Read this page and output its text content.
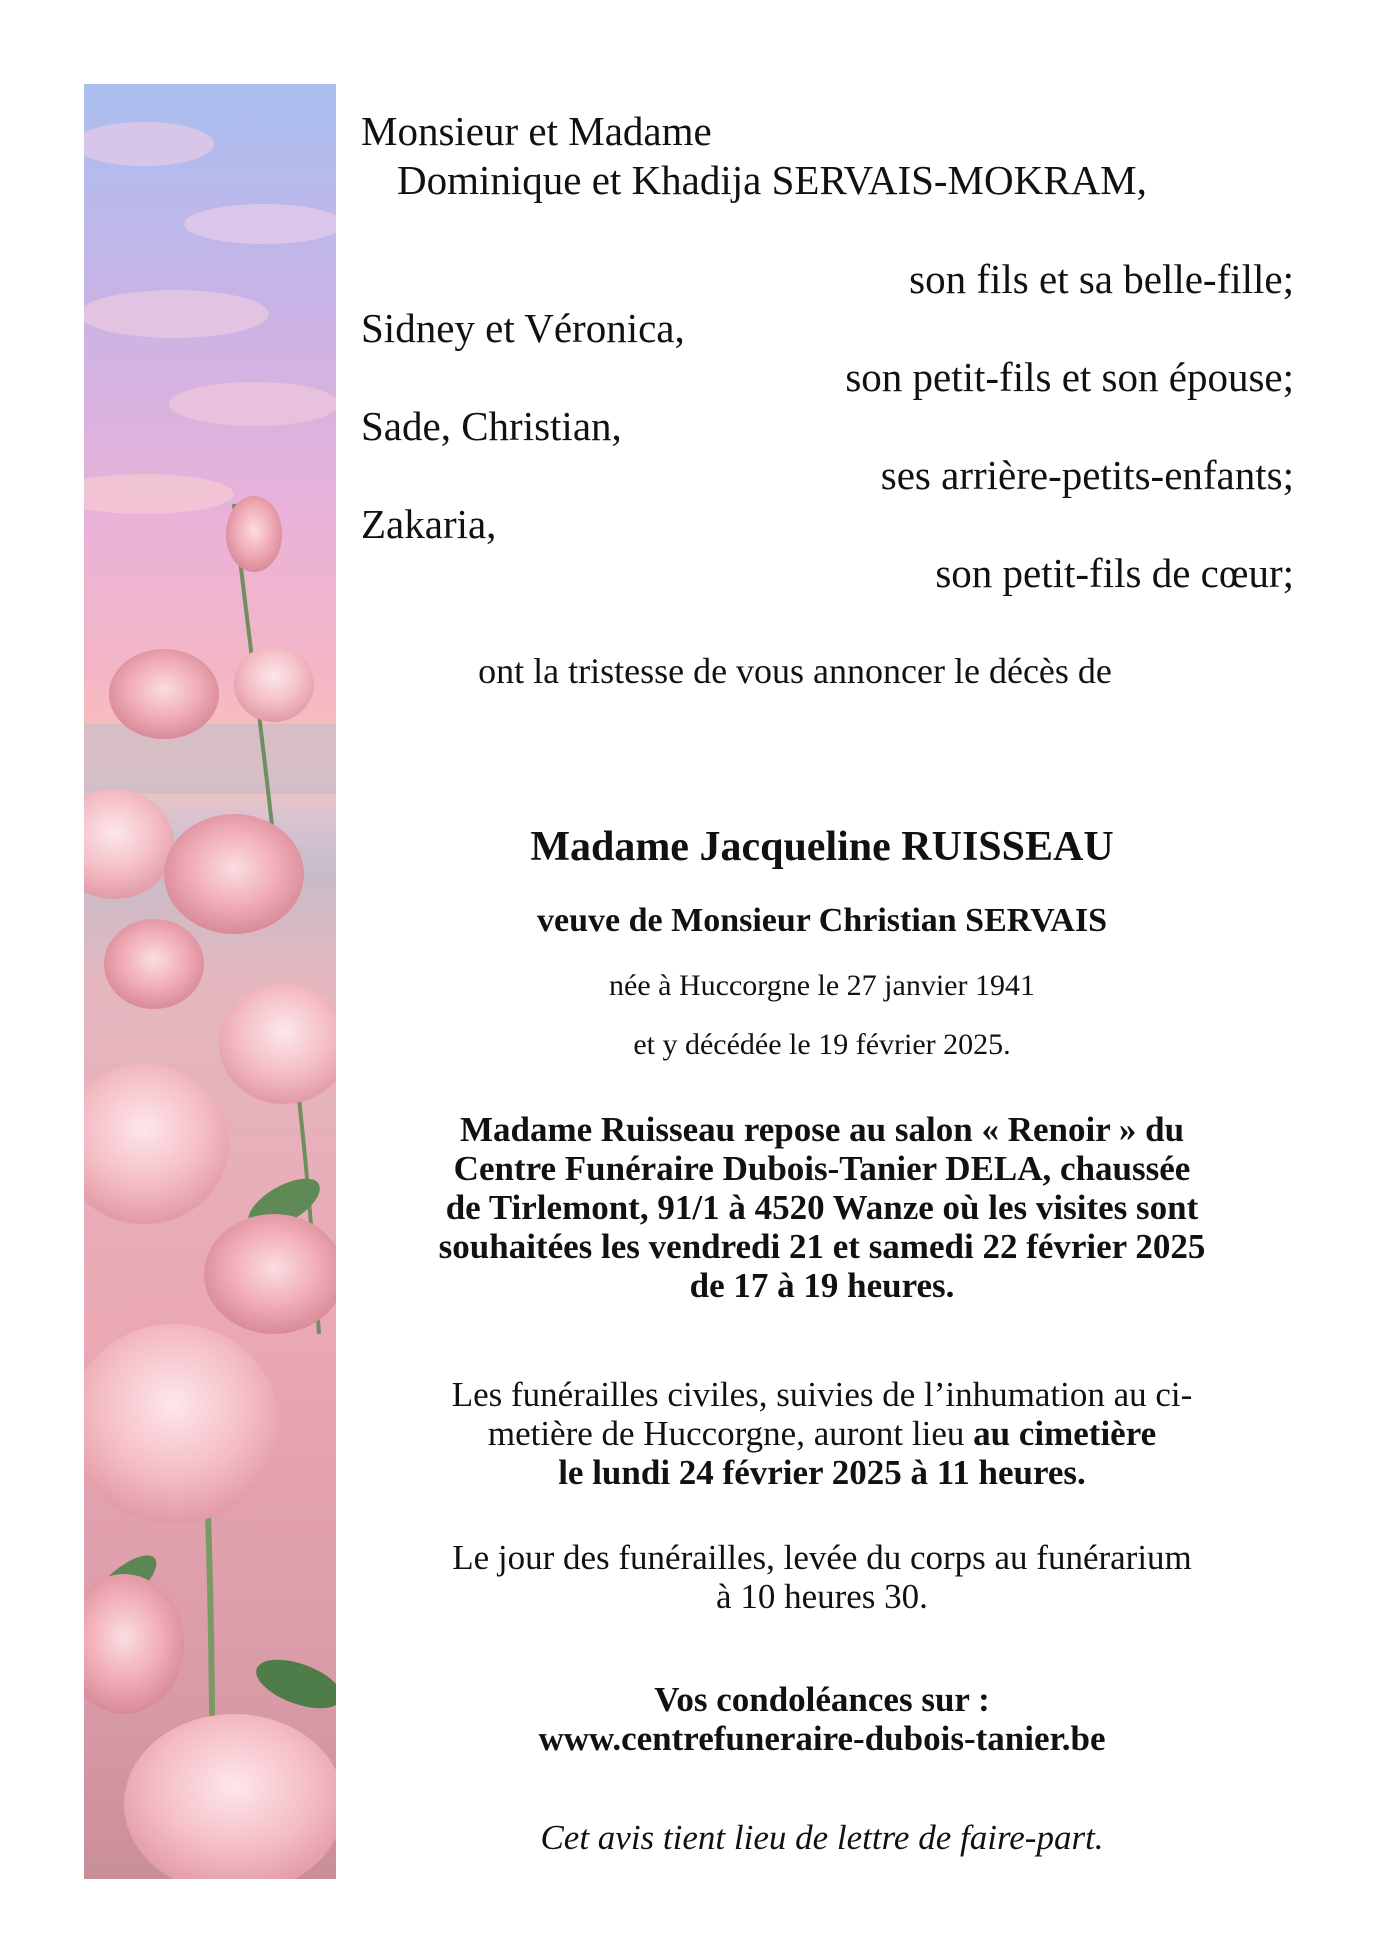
Monsieur et Madame
Dominique et Khadija SERVAIS-MOKRAM,
son fils et sa belle-fille;
Sidney et Véronica,
son petit-fils et son épouse;
Sade, Christian,
ses arrière-petits-enfants;
Zakaria,
son petit-fils de cœur;
ont la tristesse de vous annoncer le décès de
Madame Jacqueline RUISSEAU
veuve de Monsieur Christian SERVAIS
née à Huccorgne le 27 janvier 1941
et y décédée le 19 février 2025.
Madame Ruisseau repose au salon « Renoir » du
Centre Funéraire Dubois-Tanier DELA, chaussée
de Tirlemont, 91/1 à 4520 Wanze où les visites sont
souhaitées les vendredi 21 et samedi 22 février 2025
de 17 à 19 heures.
Les funérailles civiles, suivies de l’inhumation au ci-
metière de Huccorgne, auront lieu au cimetière
le lundi 24 février 2025 à 11 heures.
Le jour des funérailles, levée du corps au funérarium
à 10 heures 30.
Vos condoléances sur :
www.centrefuneraire-dubois-tanier.be
Cet avis tient lieu de lettre de faire-part.
